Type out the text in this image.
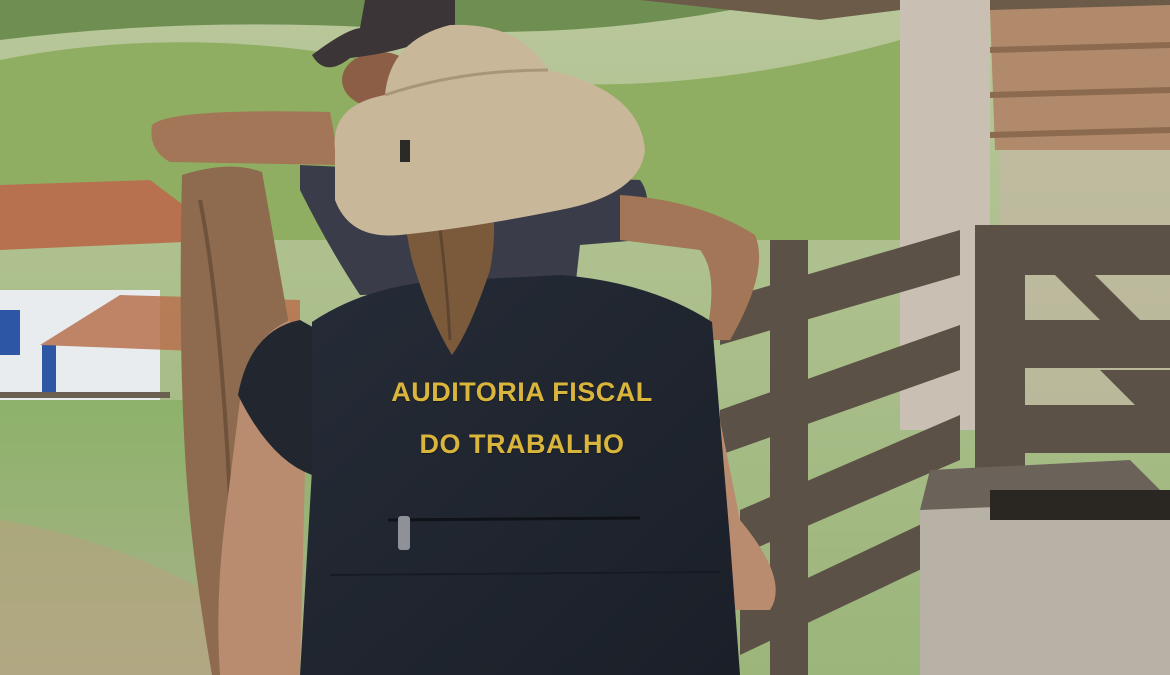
AUDITORIA FISCAL
DO TRABALHO
